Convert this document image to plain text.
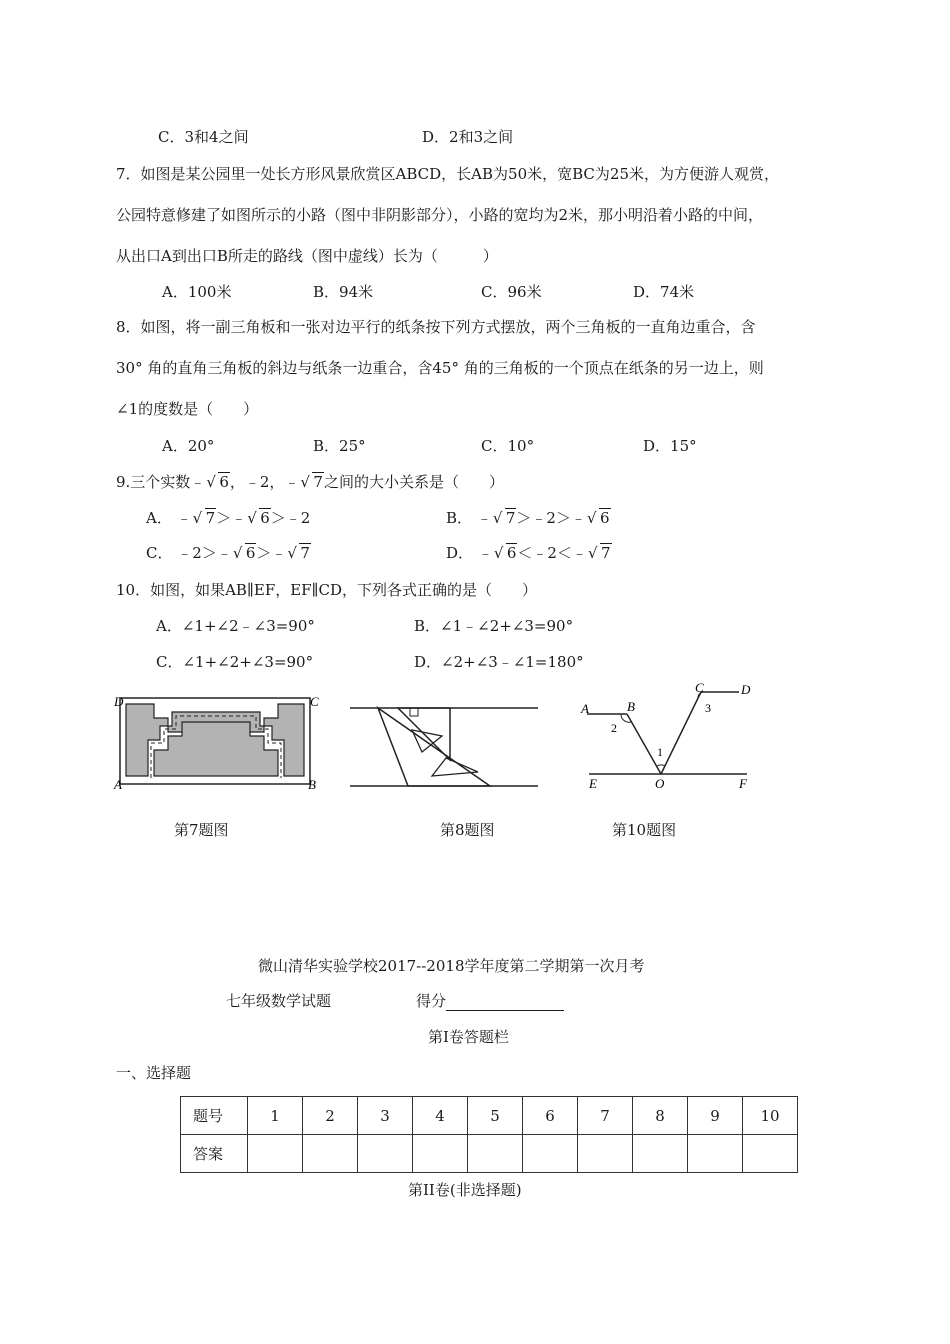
C．3和4之间	D．2和3之间
7．如图是某公园里一处长方形风景欣赏区ABCD，长AB为50米，宽BC为25米，为方便游人观赏，
公园特意修建了如图所示的小路（图中非阴影部分），小路的宽均为2米，那小明沿着小路的中间，
从出口A到出口B所走的路线（图中虚线）长为（　　　）
A．100米	B．94米	C．96米	D．74米
8．如图，将一副三角板和一张对边平行的纸条按下列方式摆放，两个三角板的一直角边重合，含
30° 角的直角三角板的斜边与纸条一边重合，含45° 角的三角板的一个顶点在纸条的另一边上，则
∠1的度数是（　　）
A．20°	B．25°	C．10°	D．15°
9.三个实数﹣ √ 6，﹣2，﹣ √ 7之间的大小关系是（　　）
A． ﹣ √ 7＞﹣ √ 6＞﹣2	B． ﹣ √ 7＞﹣2＞﹣ √ 6
C． ﹣2＞﹣ √ 6＞﹣ √ 7	D． ﹣ √ 6＜﹣2＜﹣ √ 7
10．如图，如果AB∥EF，EF∥CD，下列各式正确的是（　　）
A．∠1+∠2﹣∠3=90°	B．∠1﹣∠2+∠3=90°
C．∠1+∠2+∠3=90°	D．∠2+∠3﹣∠1=180°
D	C
A	B
A	B
C	D
E	O	F
1
2
3
第7题图	第8题图	第10题图
微山清华实验学校2017--2018学年度第二学期第一次月考
七年级数学试题	得分
第Ⅰ卷答题栏
一、选择题
题号	1	2	3	4	5	6	7	8	9	10
答案										
第II卷(非选择题)
